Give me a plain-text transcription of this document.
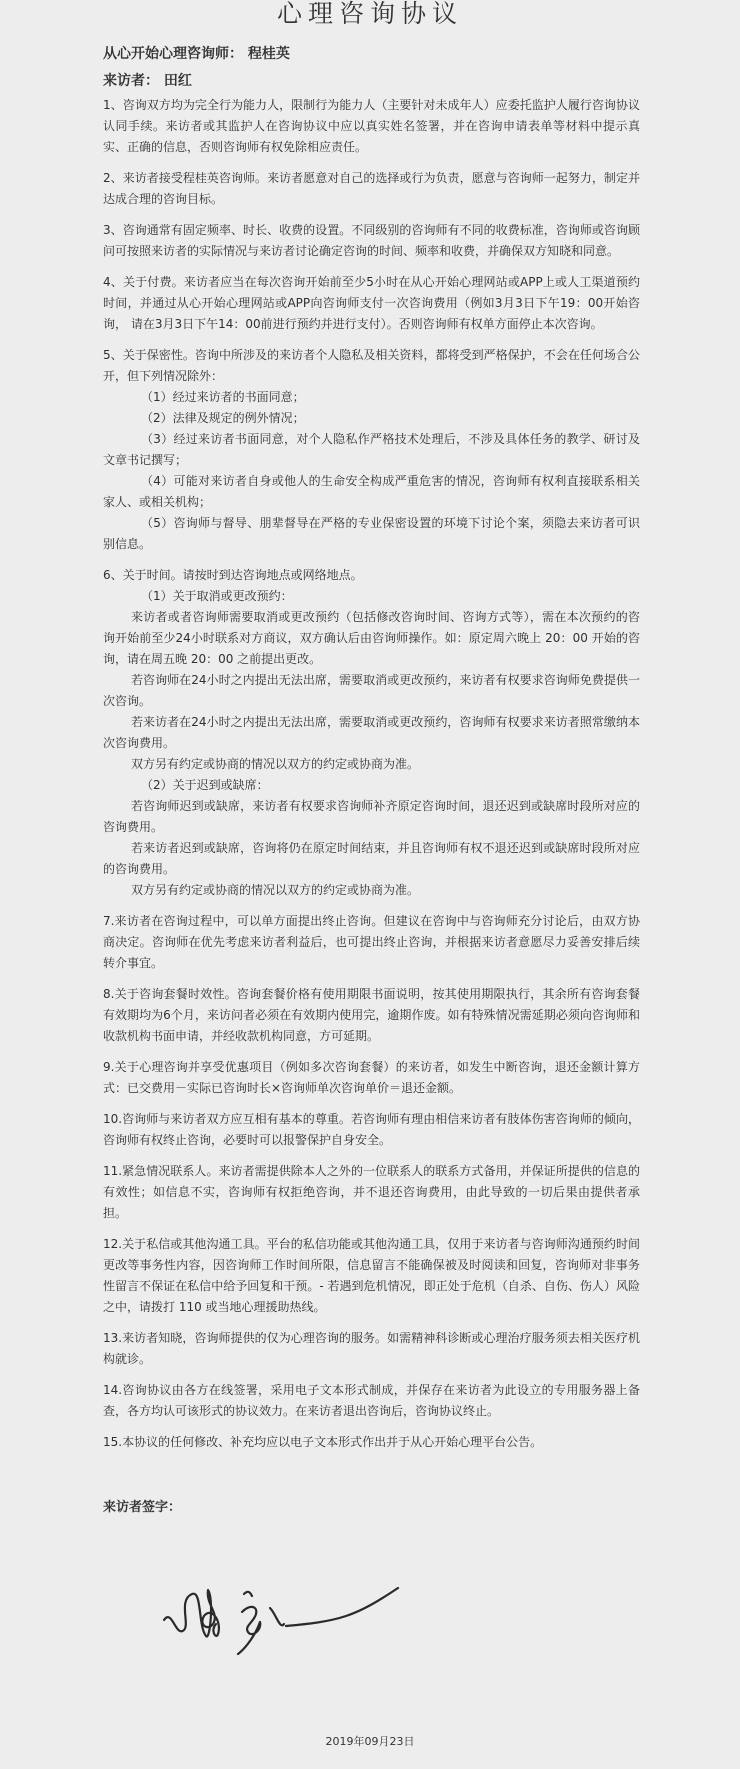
心理咨询协议
从心开始心理咨询师： 程桂英
来访者： 田红

1、咨询双方均为完全行为能力人，限制行为能力人（主要针对未成年人）应委托监护人履行咨询协议认同手续。来访者或其监护人在咨询协议中应以真实姓名签署，并在咨询申请表单等材料中提示真实、正确的信息，否则咨询师有权免除相应责任。

2、来访者接受程桂英咨询师。来访者愿意对自己的选择或行为负责，愿意与咨询师一起努力，制定并达成合理的咨询目标。

3、咨询通常有固定频率、时长、收费的设置。不同级别的咨询师有不同的收费标准，咨询师或咨询顾问可按照来访者的实际情况与来访者讨论确定咨询的时间、频率和收费，并确保双方知晓和同意。

4、关于付费。来访者应当在每次咨询开始前至少5小时在从心开始心理网站或APP上或人工渠道预约时间，并通过从心开始心理网站或APP向咨询师支付一次咨询费用（例如3月3日下午19：00开始咨询， 请在3月3日下午14：00前进行预约并进行支付）。否则咨询师有权单方面停止本次咨询。

5、关于保密性。咨询中所涉及的来访者个人隐私及相关资料，都将受到严格保护，不会在任何场合公开，但下列情况除外：

（1）经过来访者的书面同意；

（2）法律及规定的例外情况；

（3）经过来访者书面同意，对个人隐私作严格技术处理后，不涉及具体任务的教学、研讨及文章书记撰写；

（4）可能对来访者自身或他人的生命安全构成严重危害的情况，咨询师有权利直接联系相关家人、或相关机构；

（5）咨询师与督导、朋辈督导在严格的专业保密设置的环境下讨论个案，须隐去来访者可识别信息。

6、关于时间。请按时到达咨询地点或网络地点。

（1）关于取消或更改预约：

来访者或者咨询师需要取消或更改预约（包括修改咨询时间、咨询方式等），需在本次预约的咨询开始前至少24小时联系对方商议，双方确认后由咨询师操作。如：原定周六晚上 20：00 开始的咨询，请在周五晚 20：00 之前提出更改。

若咨询师在24小时之内提出无法出席，需要取消或更改预约，来访者有权要求咨询师免费提供一次咨询。

若来访者在24小时之内提出无法出席，需要取消或更改预约，咨询师有权要求来访者照常缴纳本次咨询费用。

双方另有约定或协商的情况以双方的约定或协商为准。

（2）关于迟到或缺席：

若咨询师迟到或缺席，来访者有权要求咨询师补齐原定咨询时间，退还迟到或缺席时段所对应的咨询费用。

若来访者迟到或缺席，咨询将仍在原定时间结束，并且咨询师有权不退还迟到或缺席时段所对应的咨询费用。

双方另有约定或协商的情况以双方的约定或协商为准。

7.来访者在咨询过程中，可以单方面提出终止咨询。但建议在咨询中与咨询师充分讨论后，由双方协商决定。咨询师在优先考虑来访者利益后，也可提出终止咨询，并根据来访者意愿尽力妥善安排后续转介事宜。

8.关于咨询套餐时效性。咨询套餐价格有使用期限书面说明，按其使用期限执行，其余所有咨询套餐有效期均为6个月，来访问者必须在有效期内使用完，逾期作废。如有特殊情况需延期必须向咨询师和收款机构书面申请，并经收款机构同意，方可延期。

9.关于心理咨询并享受优惠项目（例如多次咨询套餐）的来访者，如发生中断咨询，退还金额计算方式：已交费用－实际已咨询时长×咨询师单次咨询单价＝退还金额。

10.咨询师与来访者双方应互相有基本的尊重。若咨询师有理由相信来访者有肢体伤害咨询师的倾向，咨询师有权终止咨询，必要时可以报警保护自身安全。

11.紧急情况联系人。来访者需提供除本人之外的一位联系人的联系方式备用，并保证所提供的信息的有效性；如信息不实，咨询师有权拒绝咨询，并不退还咨询费用，由此导致的一切后果由提供者承担。

12.关于私信或其他沟通工具。平台的私信功能或其他沟通工具，仅用于来访者与咨询师沟通预约时间更改等事务性内容，因咨询师工作时间所限，信息留言不能确保被及时阅读和回复，咨询师对非事务性留言不保证在私信中给予回复和干预。- 若遇到危机情况，即正处于危机（自杀、自伤、伤人）风险之中，请拨打 110 或当地心理援助热线。

13.来访者知晓，咨询师提供的仅为心理咨询的服务。如需精神科诊断或心理治疗服务须去相关医疗机构就诊。

14.咨询协议由各方在线签署，采用电子文本形式制成，并保存在来访者为此设立的专用服务器上备查，各方均认可该形式的协议效力。在来访者退出咨询后，咨询协议终止。

15.本协议的任何修改、补充均应以电子文本形式作出并于从心开始心理平台公告。

来访者签字：
2019年09月23日
